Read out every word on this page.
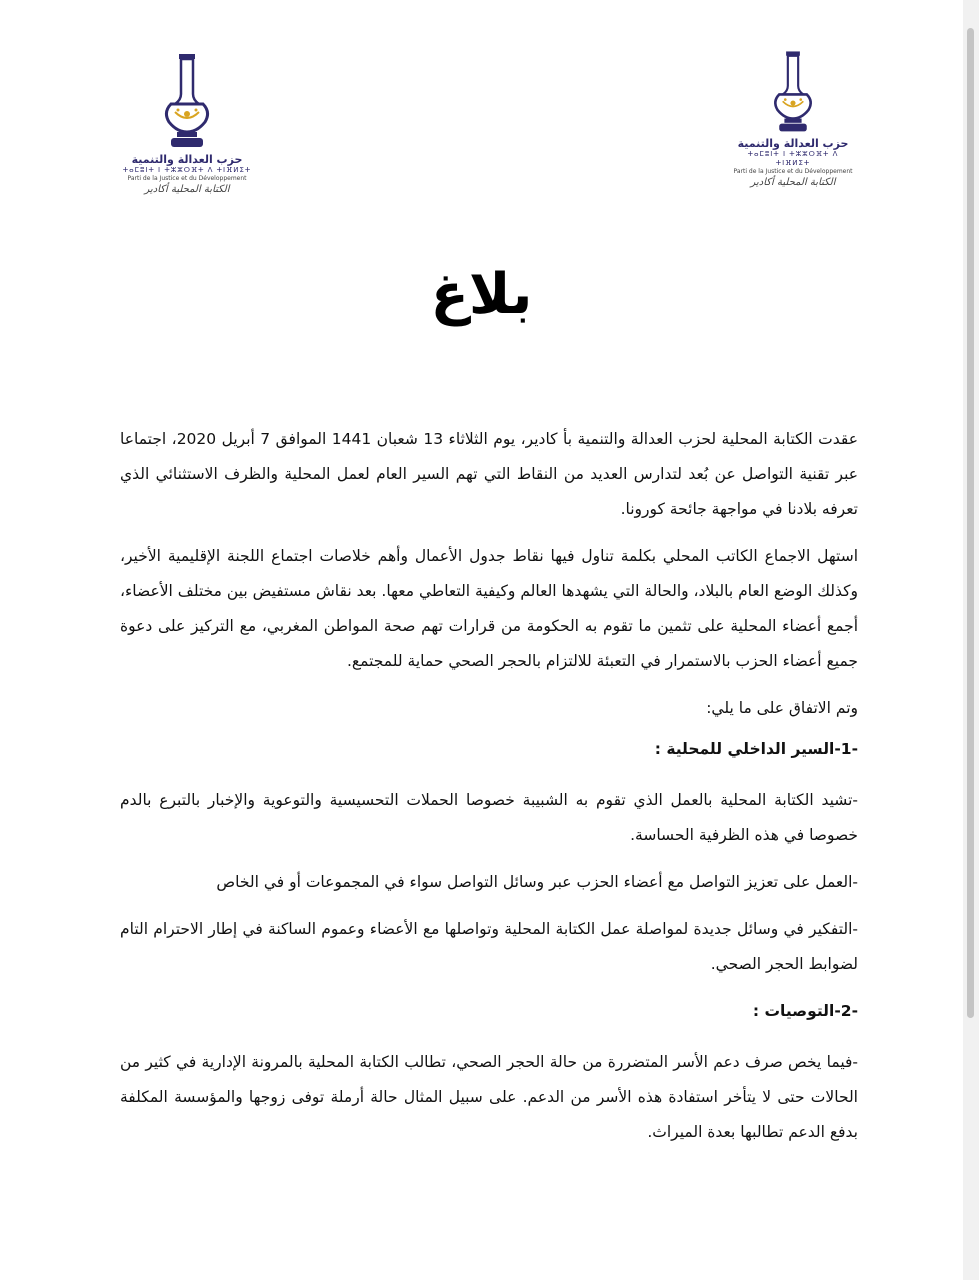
حزب العدالة والتنمية
ⵜⴰⵎⵓⵏⵜ ⵏ ⵜⵣⵣⵔⴼⵜ ⴷ ⵜⵏⴼⵍⵉⵜ
Parti de la Justice et du Développement
الكتابة المحلية أكادير
حزب العدالة والتنمية
ⵜⴰⵎⵓⵏⵜ ⵏ ⵜⵣⵣⵔⴼⵜ ⴷ ⵜⵏⴼⵍⵉⵜ
Parti de la Justice et du Développement
الكتابة المحلية أكادير
بلاغ

عقدت الكتابة المحلية لحزب العدالة والتنمية بأ كادير، يوم الثلاثاء 13 شعبان 1441 الموافق 7 أبريل 2020، اجتماعا عبر تقنية التواصل عن بُعد لتدارس العديد من النقاط التي تهم السير العام لعمل المحلية والظرف الاستثنائي الذي تعرفه بلادنا في مواجهة جائحة كورونا.

استهل الاجماع الكاتب المحلي بكلمة تناول فيها نقاط جدول الأعمال وأهم خلاصات اجتماع اللجنة الإقليمية الأخير، وكذلك الوضع العام بالبلاد، والحالة التي يشهدها العالم وكيفية التعاطي معها. بعد نقاش مستفيض بين مختلف الأعضاء، أجمع أعضاء المحلية على تثمين ما تقوم به الحكومة من قرارات تهم صحة المواطن المغربي، مع التركيز على دعوة جميع أعضاء الحزب بالاستمرار في التعبئة للالتزام بالحجر الصحي حماية للمجتمع.

وتم الاتفاق على ما يلي:

-1-السير الداخلي للمحلية :

-تشيد الكتابة المحلية بالعمل الذي تقوم به الشبيبة خصوصا الحملات التحسيسية والتوعوية والإخبار بالتبرع بالدم خصوصا في هذه الظرفية الحساسة.

-العمل على تعزيز التواصل مع أعضاء الحزب عبر وسائل التواصل سواء في المجموعات أو في الخاص

-التفكير في وسائل جديدة لمواصلة عمل الكتابة المحلية وتواصلها مع الأعضاء وعموم الساكنة في إطار الاحترام التام لضوابط الحجر الصحي.

-2-التوصيات :

-فيما يخص صرف دعم الأسر المتضررة من حالة الحجر الصحي، تطالب الكتابة المحلية بالمرونة الإدارية في كثير من الحالات حتى لا يتأخر استفادة هذه الأسر من الدعم. على سبيل المثال حالة أرملة توفى زوجها والمؤسسة المكلفة بدفع الدعم تطالبها بعدة الميراث.
